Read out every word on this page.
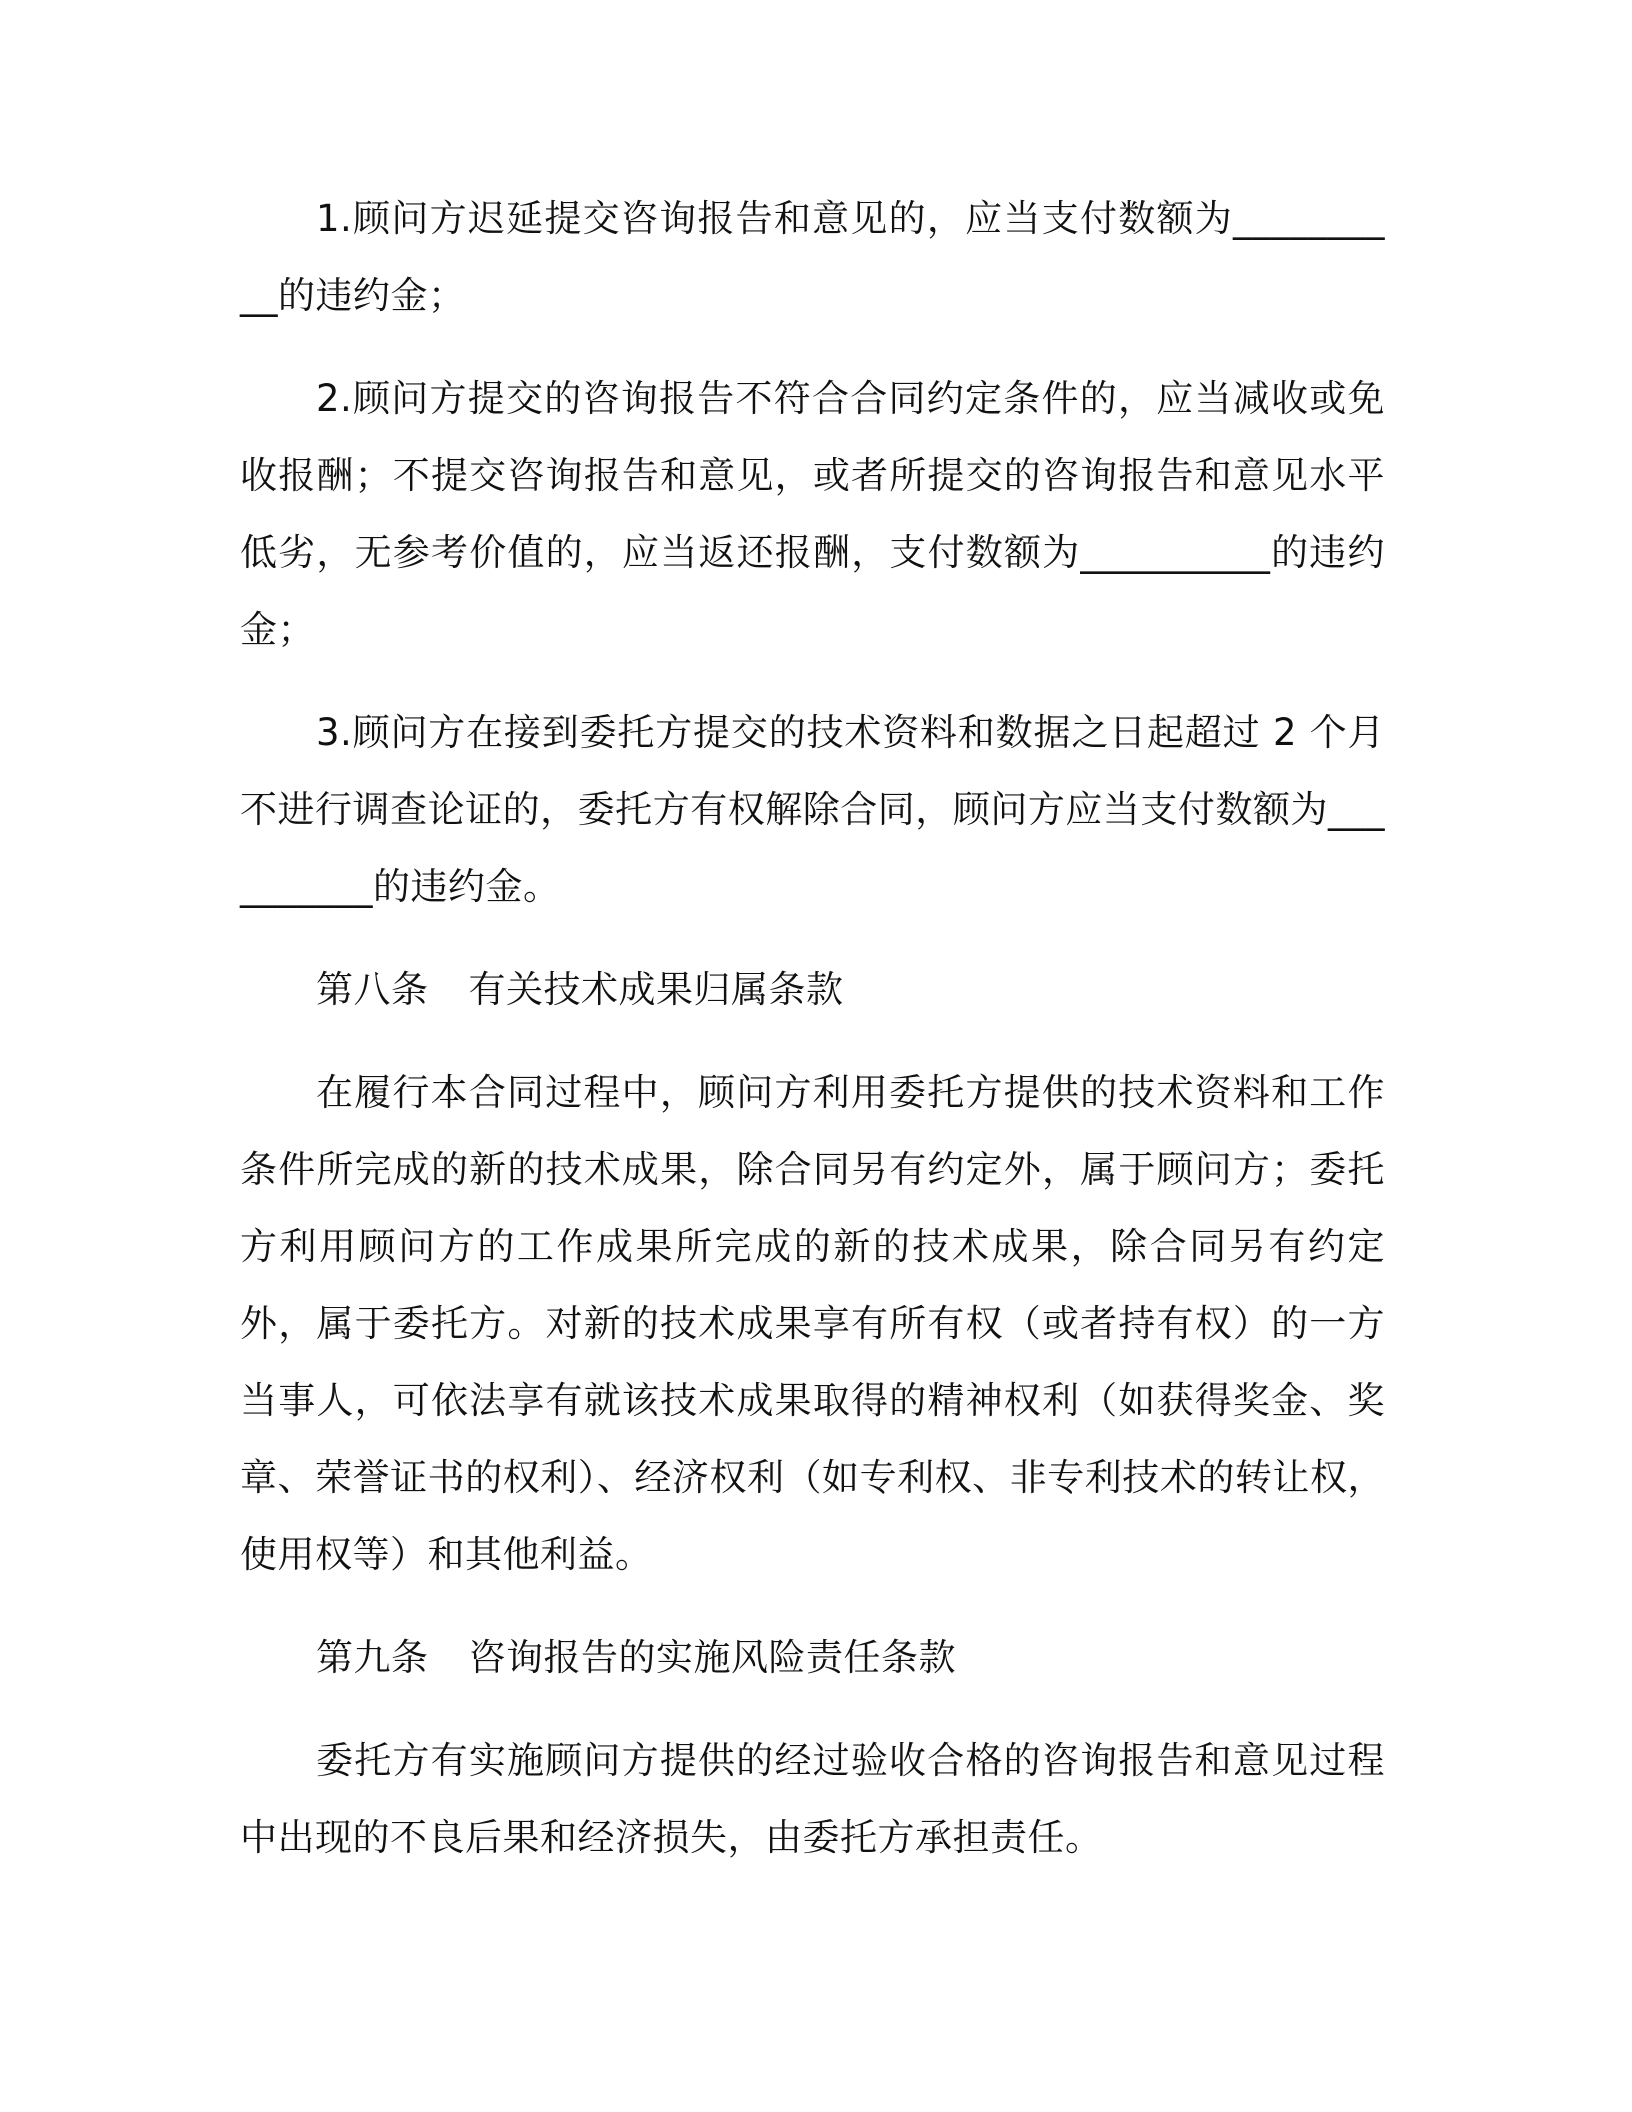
1.顾问方迟延提交咨询报告和意见的，应当支付数额为__________的违约金；

2.顾问方提交的咨询报告不符合合同约定条件的，应当减收或免收报酬；不提交咨询报告和意见，或者所提交的咨询报告和意见水平低劣，无参考价值的，应当返还报酬，支付数额为__________的违约金；

3.顾问方在接到委托方提交的技术资料和数据之日起超过 2 个月不进行调查论证的，委托方有权解除合同，顾问方应当支付数额为__________的违约金。

第八条 有关技术成果归属条款

在履行本合同过程中，顾问方利用委托方提供的技术资料和工作条件所完成的新的技术成果，除合同另有约定外，属于顾问方；委托方利用顾问方的工作成果所完成的新的技术成果，除合同另有约定外，属于委托方。对新的技术成果享有所有权（或者持有权）的一方当事人，可依法享有就该技术成果取得的精神权利（如获得奖金、奖章、荣誉证书的权利）、经济权利（如专利权、非专利技术的转让权，使用权等）和其他利益。

第九条 咨询报告的实施风险责任条款

委托方有实施顾问方提供的经过验收合格的咨询报告和意见过程中出现的不良后果和经济损失，由委托方承担责任。
